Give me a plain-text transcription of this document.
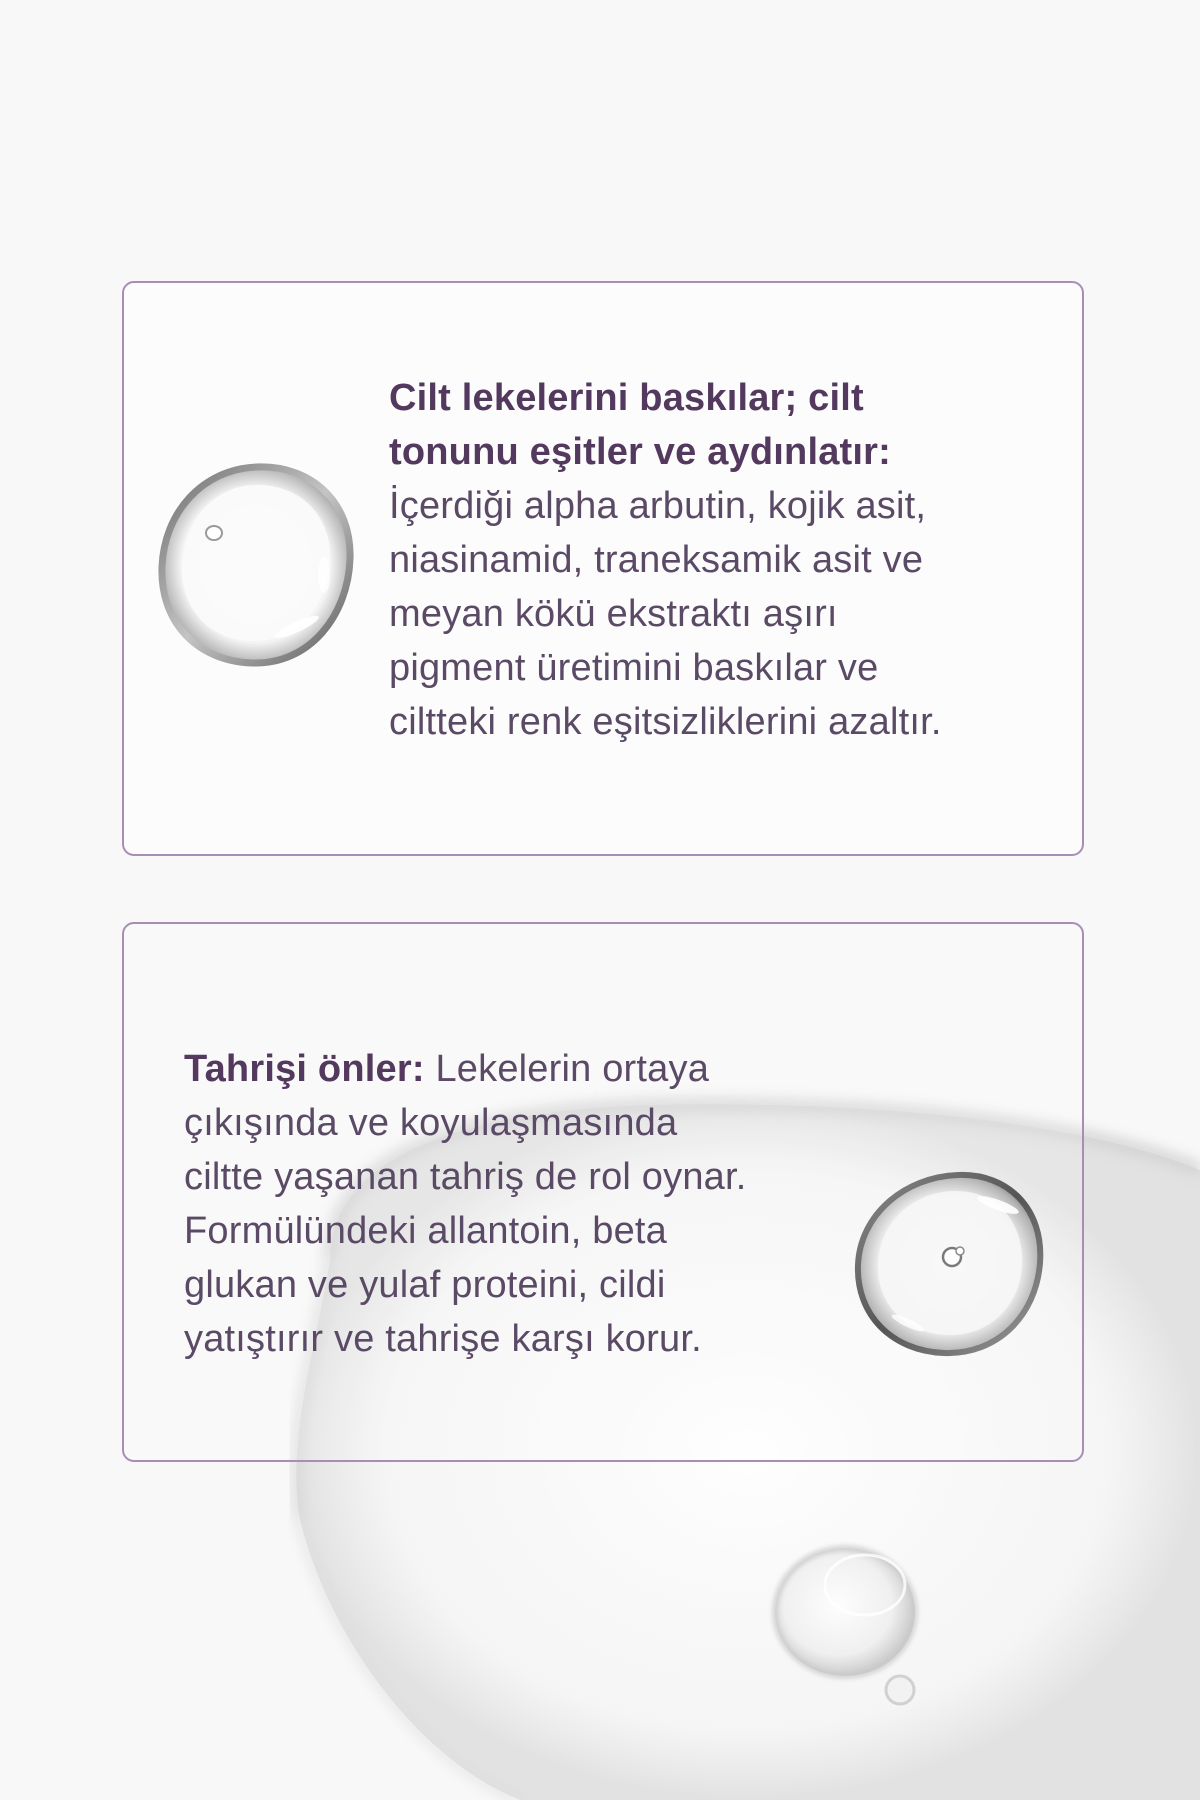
Cilt lekelerini baskılar; cilt
tonunu eşitler ve aydınlatır:
İçerdiği alpha arbutin, kojik asit,
niasinamid, traneksamik asit ve
meyan kökü ekstraktı aşırı
pigment üretimini baskılar ve
ciltteki renk eşitsizliklerini azaltır.
Tahrişi önler: Lekelerin ortaya
çıkışında ve koyulaşmasında
ciltte yaşanan tahriş de rol oynar.
Formülündeki allantoin, beta
glukan ve yulaf proteini, cildi
yatıştırır ve tahrişe karşı korur.
